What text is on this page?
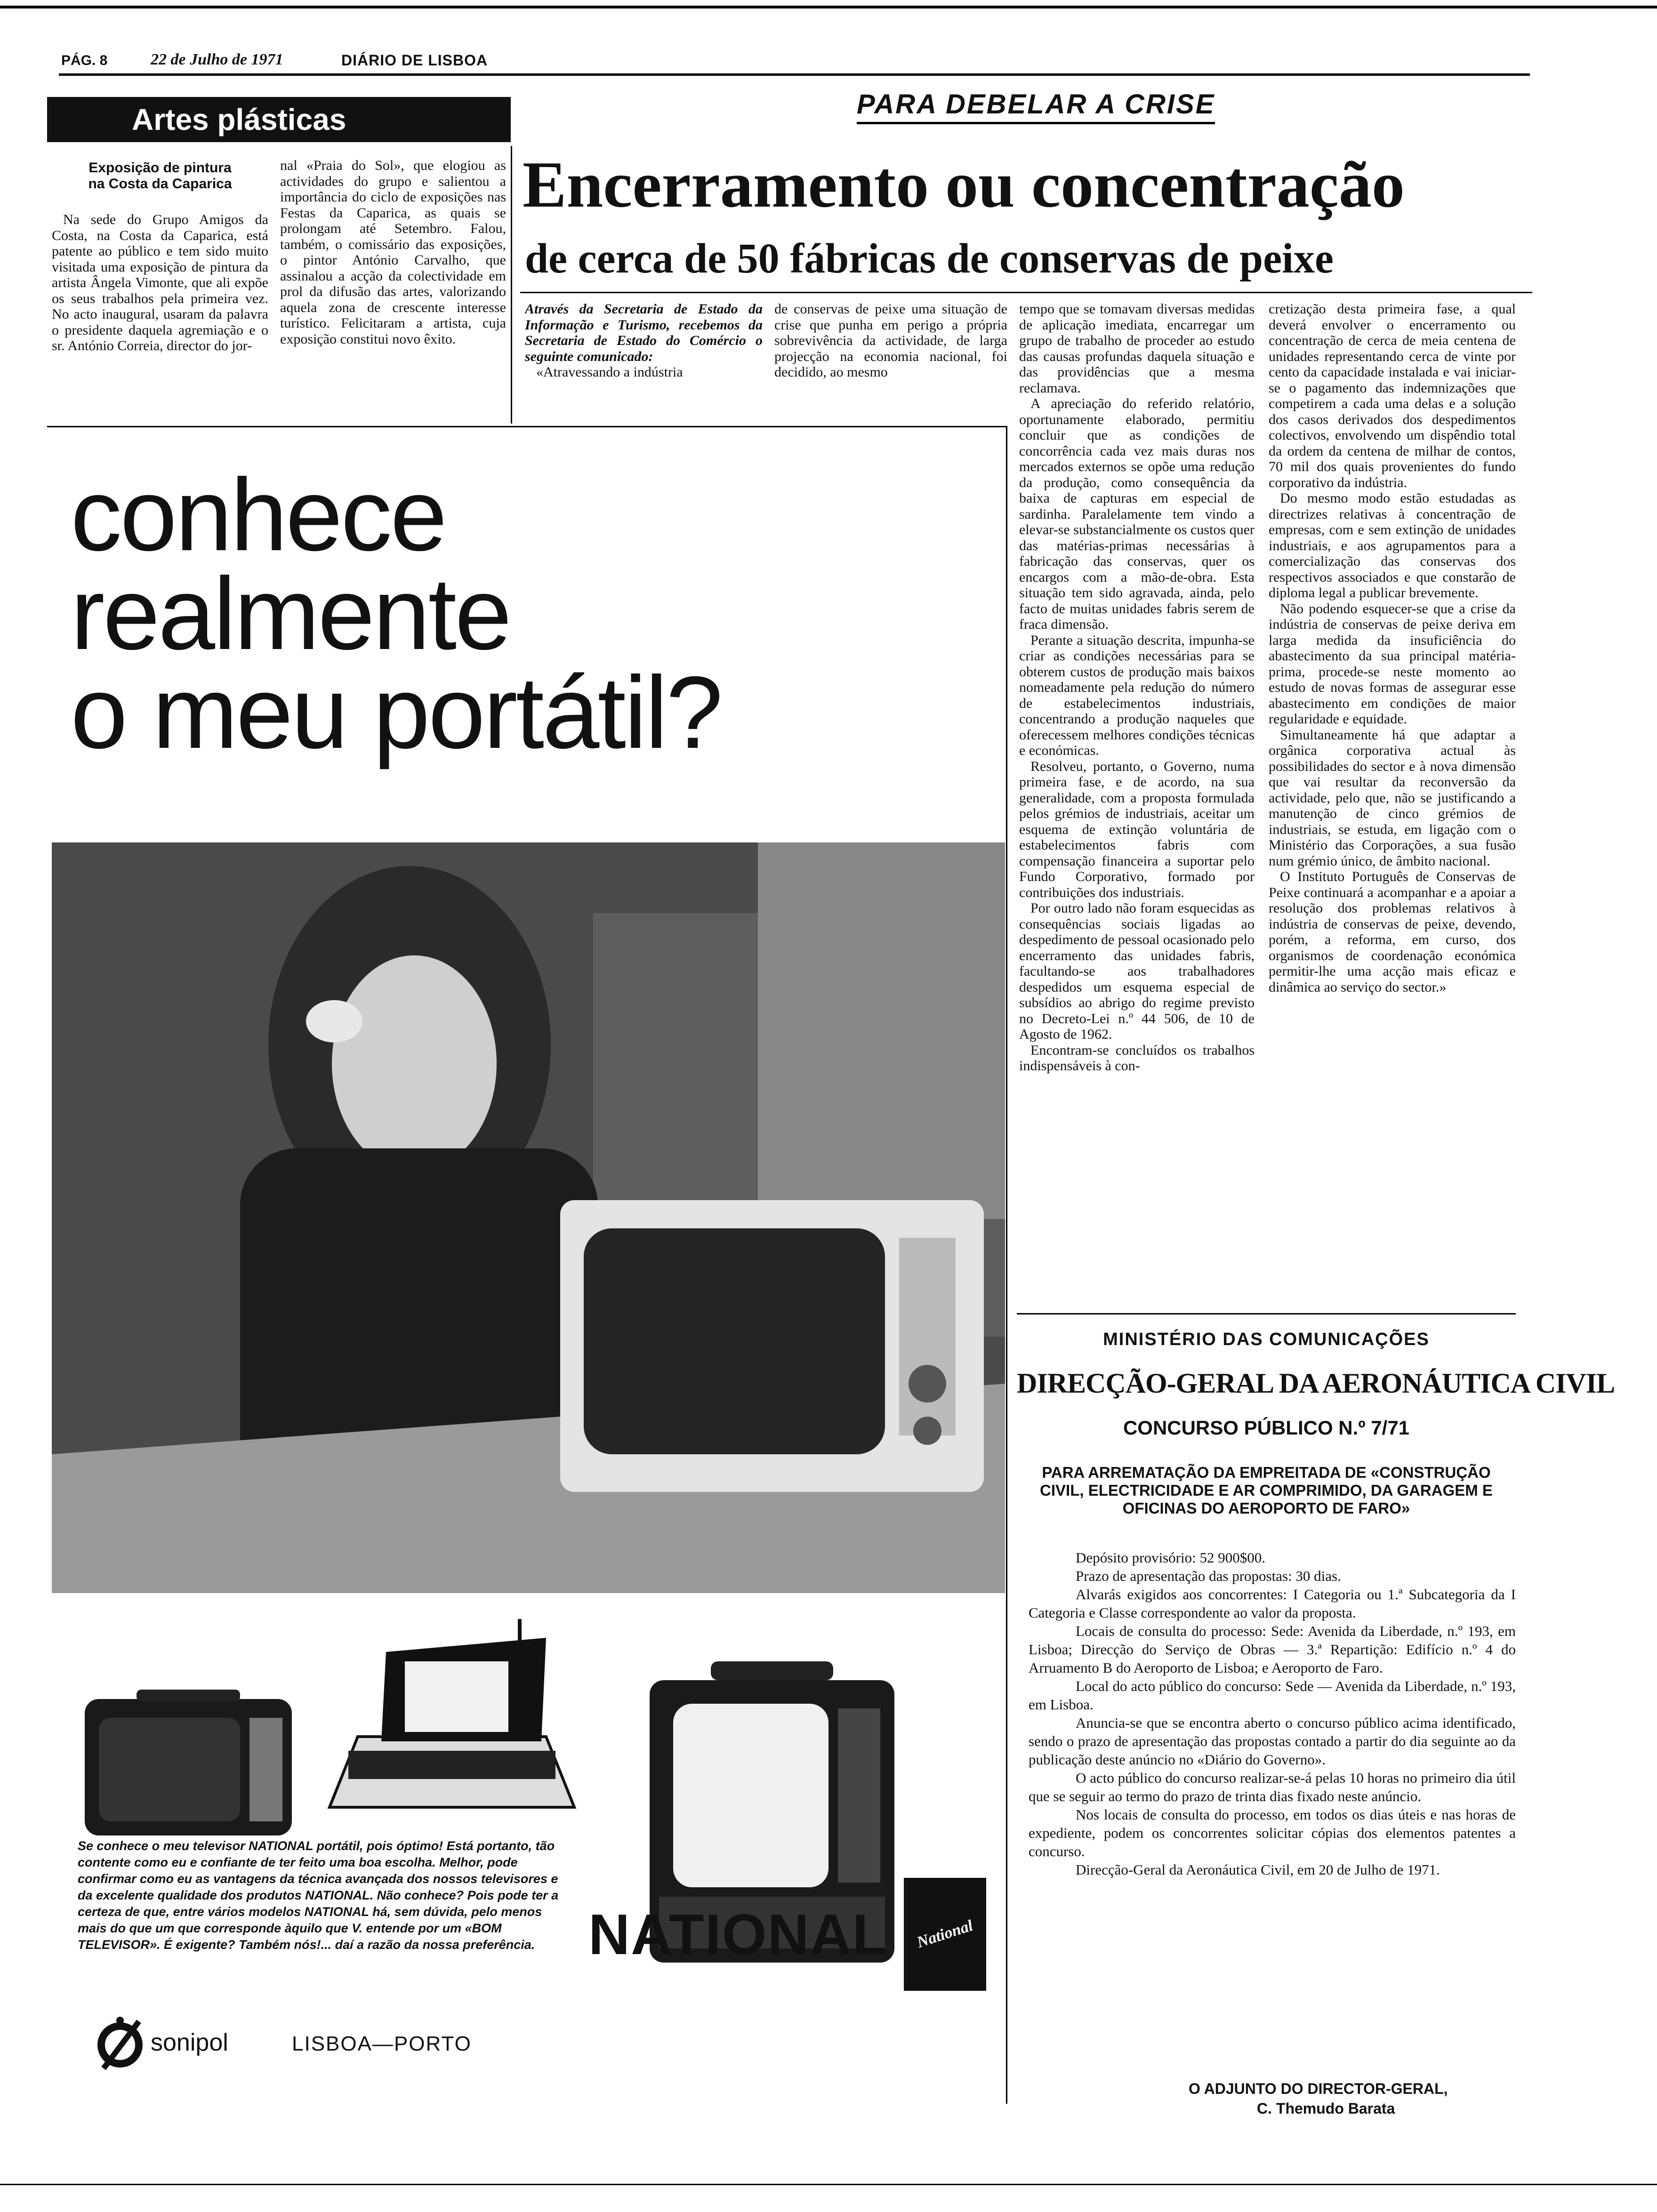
PÁG. 8	22 de Julho de 1971	DIÁRIO DE LISBOA
Artes plásticas
Exposição de pintura
na Costa da Caparica

Na sede do Grupo Amigos da Costa, na Costa da Caparica, está patente ao público e tem sido muito visitada uma exposição de pintura da artista Ângela Vimonte, que ali expõe os seus trabalhos pela primeira vez. No acto inaugural, usaram da palavra o presidente daquela agremiação e o sr. António Correia, director do jor-

nal «Praia do Sol», que elogiou as actividades do grupo e salientou a importância do ciclo de exposições nas Festas da Caparica, as quais se prolongam até Setembro. Falou, também, o comissário das exposições, o pintor António Carvalho, que assinalou a acção da colectividade em prol da difusão das artes, valorizando aquela zona de crescente interesse turístico. Felicitaram a artista, cuja exposição constitui novo êxito.

PARA DEBELAR A CRISE
Encerramento ou concentração
de cerca de 50 fábricas de conservas de peixe

Através da Secretaria de Estado da Informação e Turismo, recebemos da Secretaria de Estado do Comércio o seguinte comunicado:

«Atravessando a indústria

de conservas de peixe uma situação de crise que punha em perigo a própria sobrevivência da actividade, de larga projecção na economia nacional, foi decidido, ao mesmo

tempo que se tomavam diversas medidas de aplicação imediata, encarregar um grupo de trabalho de proceder ao estudo das causas profundas daquela situação e das providências que a mesma reclamava.

A apreciação do referido relatório, oportunamente elaborado, permitiu concluir que as condições de concorrência cada vez mais duras nos mercados externos se opõe uma redução da produção, como consequência da baixa de capturas em especial de sardinha. Paralelamente tem vindo a elevar-se substancialmente os custos quer das matérias-primas necessárias à fabricação das conservas, quer os encargos com a mão-de-obra. Esta situação tem sido agravada, ainda, pelo facto de muitas unidades fabris serem de fraca dimensão.

Perante a situação descrita, impunha-se criar as condições necessárias para se obterem custos de produção mais baixos nomeadamente pela redução do número de estabelecimentos industriais, concentrando a produção naqueles que oferecessem melhores condições técnicas e económicas.

Resolveu, portanto, o Governo, numa primeira fase, e de acordo, na sua generalidade, com a proposta formulada pelos grémios de industriais, aceitar um esquema de extinção voluntária de estabelecimentos fabris com compensação financeira a suportar pelo Fundo Corporativo, formado por contribuições dos industriais.

Por outro lado não foram esquecidas as consequências sociais ligadas ao despedimento de pessoal ocasionado pelo encerramento das unidades fabris, facultando-se aos trabalhadores despedidos um esquema especial de subsídios ao abrigo do regime previsto no Decreto-Lei n.º 44 506, de 10 de Agosto de 1962.

Encontram-se concluídos os trabalhos indispensáveis à con-

cretização desta primeira fase, a qual deverá envolver o encerramento ou concentração de cerca de meia centena de unidades representando cerca de vinte por cento da capacidade instalada e vai iniciar-se o pagamento das indemnizações que competirem a cada uma delas e a solução dos casos derivados dos despedimentos colectivos, envolvendo um dispêndio total da ordem da centena de milhar de contos, 70 mil dos quais provenientes do fundo corporativo da indústria.

Do mesmo modo estão estudadas as directrizes relativas à concentração de empresas, com e sem extinção de unidades industriais, e aos agrupamentos para a comercialização das conservas dos respectivos associados e que constarão de diploma legal a publicar brevemente.

Não podendo esquecer-se que a crise da indústria de conservas de peixe deriva em larga medida da insuficiência do abastecimento da sua principal matéria-prima, procede-se neste momento ao estudo de novas formas de assegurar esse abastecimento em condições de maior regularidade e equidade.

Simultaneamente há que adaptar a orgânica corporativa actual às possibilidades do sector e à nova dimensão que vai resultar da reconversão da actividade, pelo que, não se justificando a manutenção de cinco grémios de industriais, se estuda, em ligação com o Ministério das Corporações, a sua fusão num grémio único, de âmbito nacional.

O Instituto Português de Conservas de Peixe continuará a acompanhar e a apoiar a resolução dos problemas relativos à indústria de conservas de peixe, devendo, porém, a reforma, em curso, dos organismos de coordenação económica permitir-lhe uma acção mais eficaz e dinâmica ao serviço do sector.»

conhece
realmente
o meu portátil?
Se conhece o meu televisor NATIONAL portátil, pois óptimo! Está portanto, tão contente como eu e confiante de ter feito uma boa escolha. Melhor, pode confirmar como eu as vantagens da técnica avançada dos nossos televisores e da excelente qualidade dos produtos NATIONAL. Não conhece? Pois pode ter a certeza de que, entre vários modelos NATIONAL há, sem dúvida, pelo menos mais do que um que corresponde àquilo que V. entende por um «BOM TELEVISOR». É exigente? Também nós!... daí a razão da nossa preferência. NATIONAL National
sonipol	LISBOA—PORTO
MINISTÉRIO DAS COMUNICAÇÕES
DIRECÇÃO-GERAL DA AERONÁUTICA CIVIL
CONCURSO PÚBLICO N.º 7/71
PARA ARREMATAÇÃO DA EMPREITADA DE «CONSTRUÇÃO CIVIL, ELECTRICIDADE E AR COMPRIMIDO, DA GARAGEM E OFICINAS DO AEROPORTO DE FARO»

Depósito provisório: 52 900$00.

Prazo de apresentação das propostas: 30 dias.

Alvarás exigidos aos concorrentes: I Categoria ou 1.ª Subcategoria da I Categoria e Classe correspondente ao valor da proposta.

Locais de consulta do processo: Sede: Avenida da Liberdade, n.º 193, em Lisboa; Direcção do Serviço de Obras — 3.ª Repartição: Edifício n.º 4 do Arruamento B do Aeroporto de Lisboa; e Aeroporto de Faro.

Local do acto público do concurso: Sede — Avenida da Liberdade, n.º 193, em Lisboa.

Anuncia-se que se encontra aberto o concurso público acima identificado, sendo o prazo de apresentação das propostas contado a partir do dia seguinte ao da publicação deste anúncio no «Diário do Governo».

O acto público do concurso realizar-se-á pelas 10 horas no primeiro dia útil que se seguir ao termo do prazo de trinta dias fixado neste anúncio.

Nos locais de consulta do processo, em todos os dias úteis e nas horas de expediente, podem os concorrentes solicitar cópias dos elementos patentes a concurso.

Direcção-Geral da Aeronáutica Civil, em 20 de Julho de 1971.

O ADJUNTO DO DIRECTOR-GERAL,
C. Themudo Barata
